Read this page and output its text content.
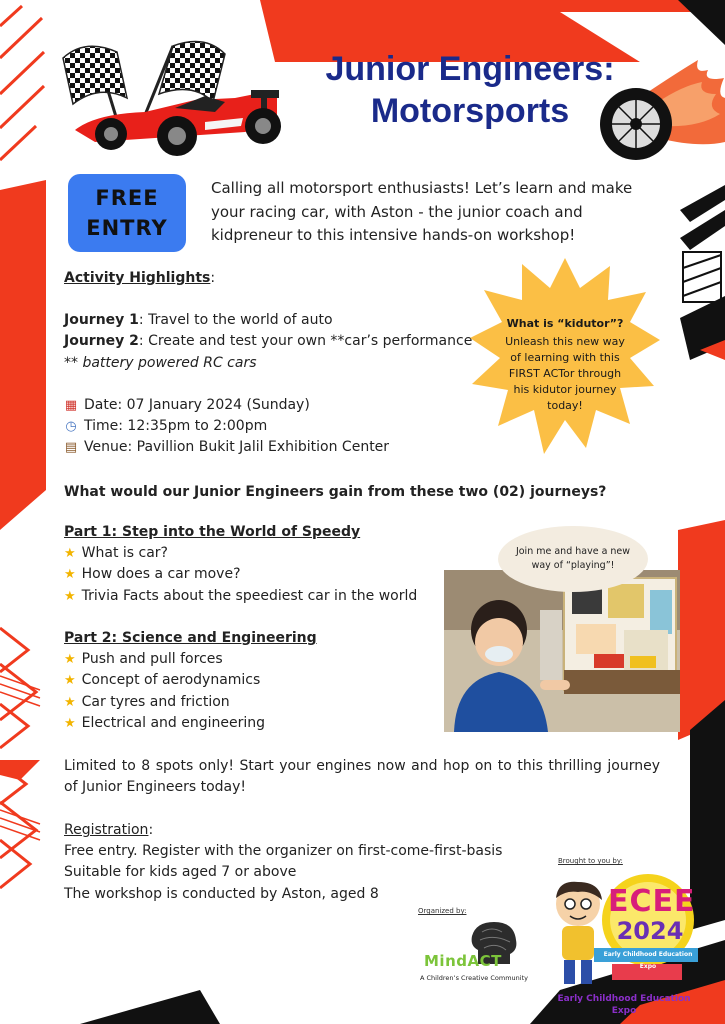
Junior Engineers:
Motorsports
FREE
ENTRY
Calling all motorsport enthusiasts! Let’s learn and make your racing car, with Aston - the junior coach and kidpreneur to this intensive hands-on workshop!
Activity Highlights:
Journey 1: Travel to the world of auto
Journey 2: Create and test your own **car’s performance
** battery powered RC cars
▦ Date: 07 January 2024 (Sunday)
◷ Time: 12:35pm to 2:00pm
▤ Venue: Pavillion Bukit Jalil Exhibition Center
What is “kidutor”?
Unleash this new way of learning with this FIRST ACTor through his kidutor journey today!
What would our Junior Engineers gain from these two (02) journeys?
Part 1: Step into the World of Speedy
★ What is car?
★ How does a car move?
★ Trivia Facts about the speediest car in the world
Part 2: Science and Engineering
★ Push and pull forces
★ Concept of aerodynamics
★ Car tyres and friction
★ Electrical and engineering
Join me and have a new way of “playing”!
Limited to 8 spots only! Start your engines now and hop on to this thrilling journey of Junior Engineers today!
Registration:
Free entry. Register with the organizer on first-come-first-basis
Suitable for kids aged 7 or above
The workshop is conducted by Aston, aged 8
Organized by:
Brought to you by:
MindACT
A Children’s Creative Community
ECEE
2024
Early Childhood Education Expo
Early Childhood Education Expo
